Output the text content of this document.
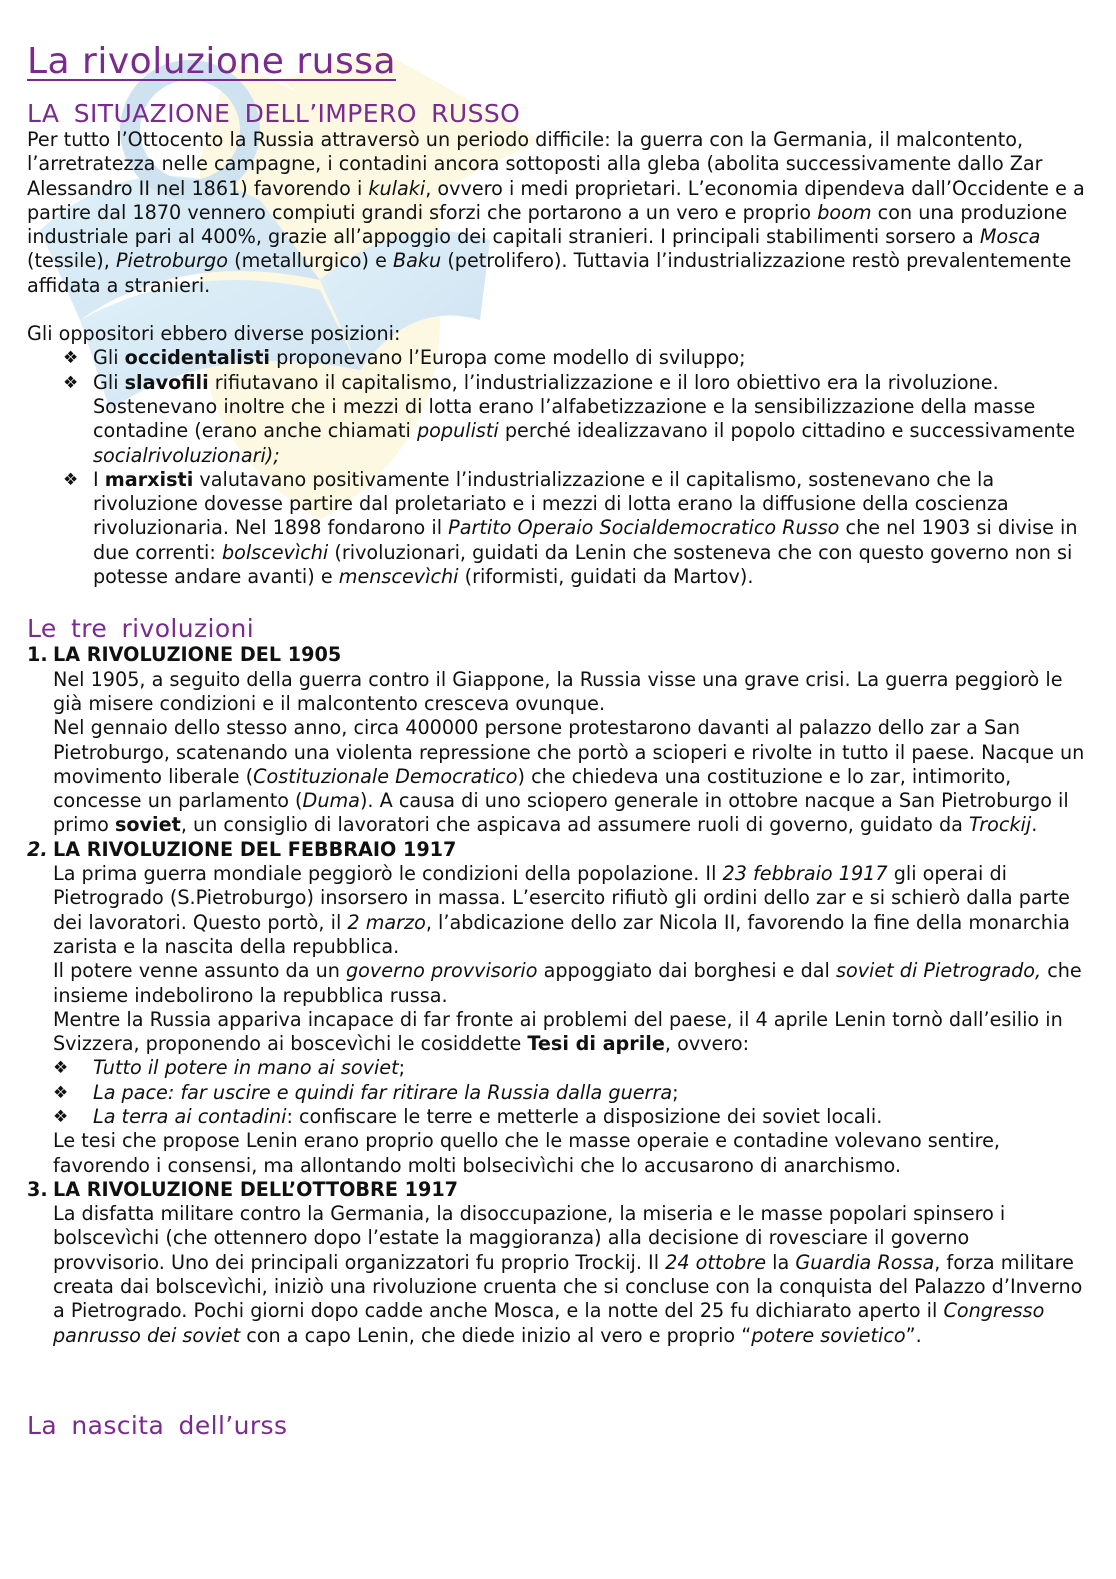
La rivoluzione russa
LA SITUAZIONE DELL’IMPERO RUSSO

Per tutto l’Ottocento la Russia attraversò un periodo difficile: la guerra con la Germania, il malcontento, l’arretratezza nelle campagne, i contadini ancora sottoposti alla gleba (abolita successivamente dallo Zar Alessandro II nel 1861) favorendo i kulaki, ovvero i medi proprietari. L’economia dipendeva dall’Occidente e a partire dal 1870 vennero compiuti grandi sforzi che portarono a un vero e proprio boom con una produzione industriale pari al 400%, grazie all’appoggio dei capitali stranieri. I principali stabilimenti sorsero a Mosca (tessile), Pietroburgo (metallurgico) e Baku (petrolifero). Tuttavia l’industrializzazione restò prevalentemente affidata a stranieri.

Gli oppositori ebbero diverse posizioni:

❖ Gli occidentalisti proponevano l’Europa come modello di sviluppo;
❖ Gli slavofili rifiutavano il capitalismo, l’industrializzazione e il loro obiettivo era la rivoluzione. Sostenevano inoltre che i mezzi di lotta erano l’alfabetizzazione e la sensibilizzazione della masse contadine (erano anche chiamati populisti perché idealizzavano il popolo cittadino e successivamente socialrivoluzionari);
❖ I marxisti valutavano positivamente l’industrializzazione e il capitalismo, sostenevano che la rivoluzione dovesse partire dal proletariato e i mezzi di lotta erano la diffusione della coscienza rivoluzionaria. Nel 1898 fondarono il Partito Operaio Socialdemocratico Russo che nel 1903 si divise in due correnti: bolscevìchi (rivoluzionari, guidati da Lenin che sosteneva che con questo governo non si potesse andare avanti) e menscevìchi (riformisti, guidati da Martov).
Le tre rivoluzioni
1. LA RIVOLUZIONE DEL 1905

Nel 1905, a seguito della guerra contro il Giappone, la Russia visse una grave crisi. La guerra peggiorò le già misere condizioni e il malcontento cresceva ovunque.

Nel gennaio dello stesso anno, circa 400000 persone protestarono davanti al palazzo dello zar a San Pietroburgo, scatenando una violenta repressione che portò a scioperi e rivolte in tutto il paese. Nacque un movimento liberale (Costituzionale Democratico) che chiedeva una costituzione e lo zar, intimorito, concesse un parlamento (Duma). A causa di uno sciopero generale in ottobre nacque a San Pietroburgo il primo soviet, un consiglio di lavoratori che aspicava ad assumere ruoli di governo, guidato da Trockij.

2. LA RIVOLUZIONE DEL FEBBRAIO 1917

La prima guerra mondiale peggiorò le condizioni della popolazione. Il 23 febbraio 1917 gli operai di Pietrogrado (S.Pietroburgo) insorsero in massa. L’esercito rifiutò gli ordini dello zar e si schierò dalla parte dei lavoratori. Questo portò, il 2 marzo, l’abdicazione dello zar Nicola II, favorendo la fine della monarchia zarista e la nascita della repubblica.

Il potere venne assunto da un governo provvisorio appoggiato dai borghesi e dal soviet di Pietrogrado, che insieme indebolirono la repubblica russa.

Mentre la Russia appariva incapace di far fronte ai problemi del paese, il 4 aprile Lenin tornò dall’esilio in Svizzera, proponendo ai boscevìchi le cosiddette Tesi di aprile, ovvero:

❖ Tutto il potere in mano ai soviet;
❖ La pace: far uscire e quindi far ritirare la Russia dalla guerra;
❖ La terra ai contadini: confiscare le terre e metterle a disposizione dei soviet locali.

Le tesi che propose Lenin erano proprio quello che le masse operaie e contadine volevano sentire, favorendo i consensi, ma allontando molti bolsecivìchi che lo accusarono di anarchismo.

3. LA RIVOLUZIONE DELL’OTTOBRE 1917

La disfatta militare contro la Germania, la disoccupazione, la miseria e le masse popolari spinsero i bolscevìchi (che ottennero dopo l’estate la maggioranza) alla decisione di rovesciare il governo provvisorio. Uno dei principali organizzatori fu proprio Trockij. Il 24 ottobre la Guardia Rossa, forza militare creata dai bolscevìchi, iniziò una rivoluzione cruenta che si concluse con la conquista del Palazzo d’Inverno a Pietrogrado. Pochi giorni dopo cadde anche Mosca, e la notte del 25 fu dichiarato aperto il Congresso panrusso dei soviet con a capo Lenin, che diede inizio al vero e proprio “potere sovietico”.

La nascita dell’urss
